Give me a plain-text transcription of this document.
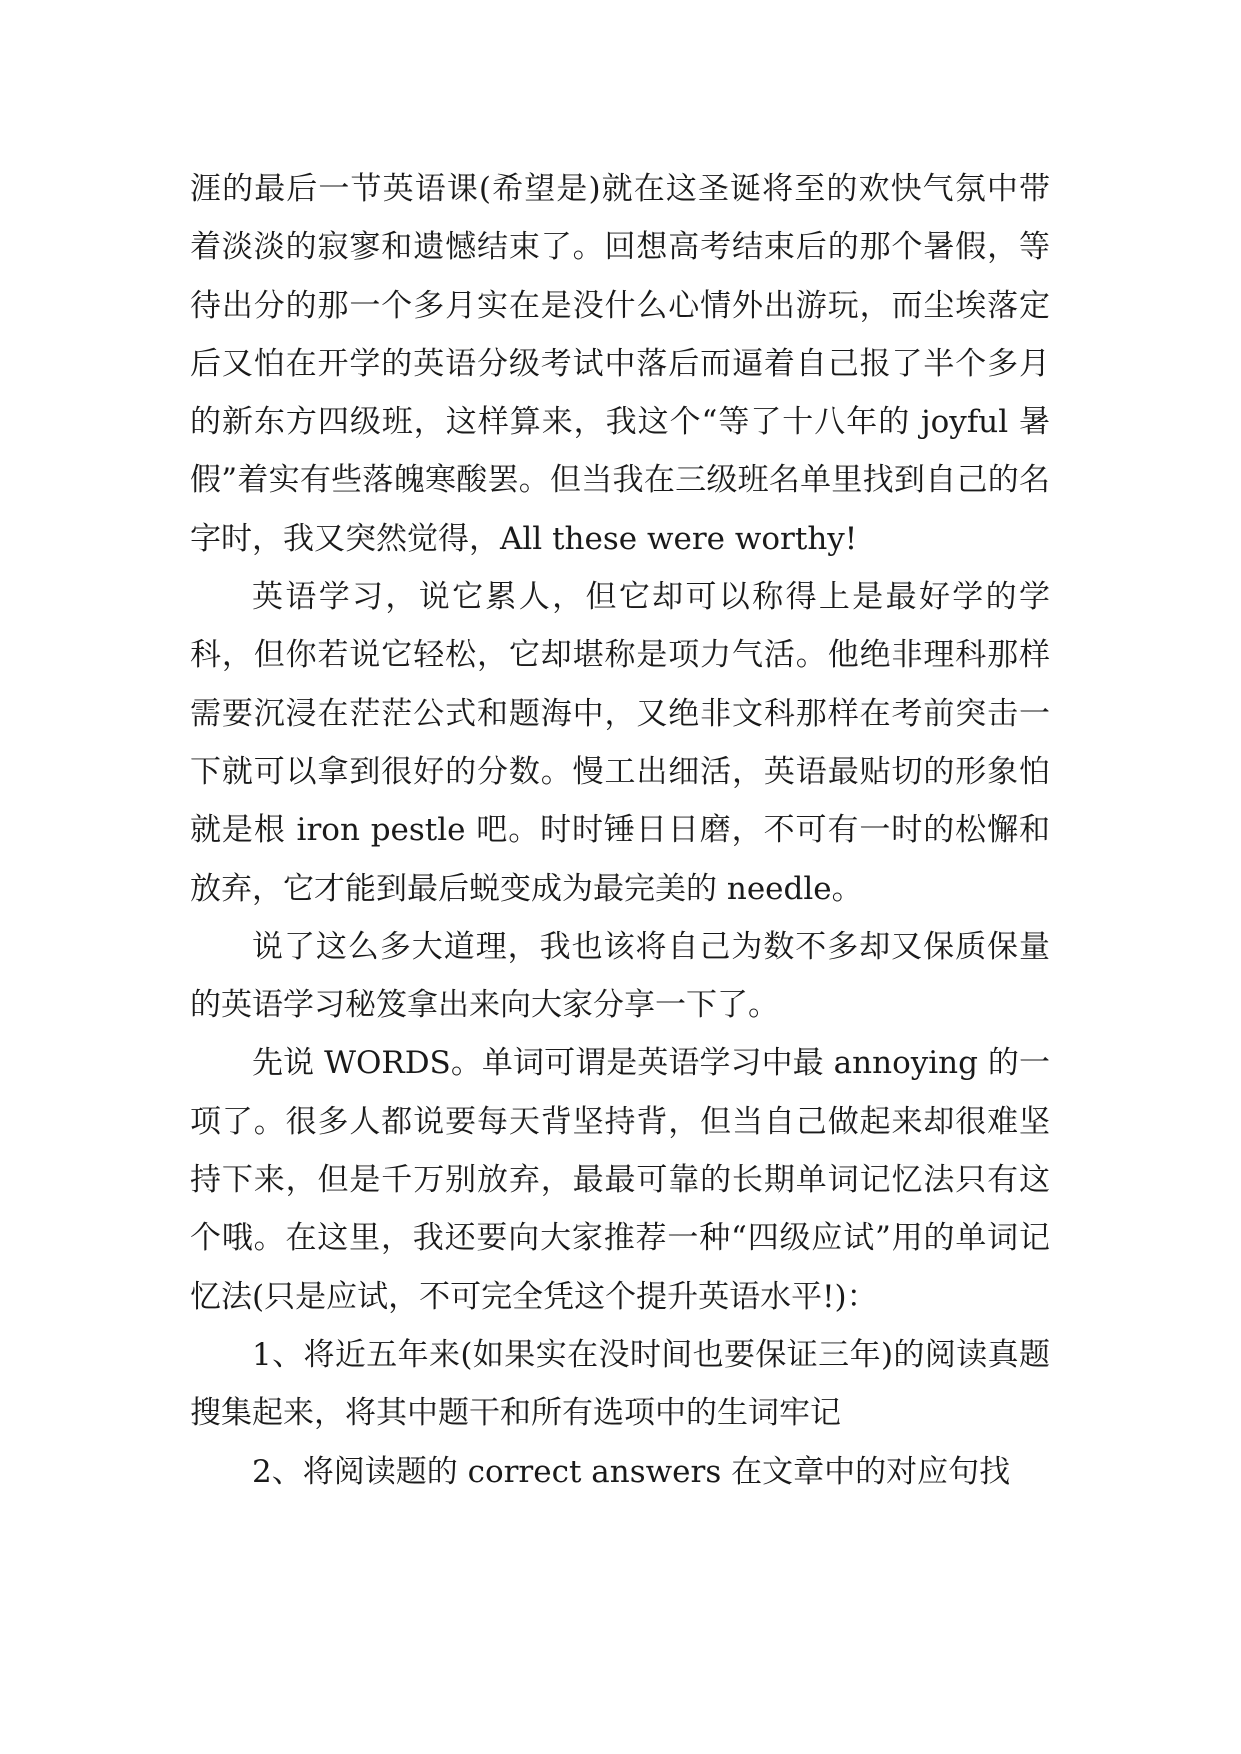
涯的最后一节英语课(希望是)就在这圣诞将至的欢快气氛中带着淡淡的寂寥和遗憾结束了。回想高考结束后的那个暑假，等待出分的那一个多月实在是没什么心情外出游玩，而尘埃落定后又怕在开学的英语分级考试中落后而逼着自己报了半个多月的新东方四级班，这样算来，我这个“等了十八年的 joyful 暑假”着实有些落魄寒酸罢。但当我在三级班名单里找到自己的名字时，我又突然觉得，All these were worthy!

英语学习，说它累人，但它却可以称得上是最好学的学科，但你若说它轻松，它却堪称是项力气活。他绝非理科那样需要沉浸在茫茫公式和题海中，又绝非文科那样在考前突击一下就可以拿到很好的分数。慢工出细活，英语最贴切的形象怕就是根 iron pestle 吧。时时锤日日磨，不可有一时的松懈和放弃，它才能到最后蜕变成为最完美的 needle。

说了这么多大道理，我也该将自己为数不多却又保质保量的英语学习秘笈拿出来向大家分享一下了。

先说 WORDS。单词可谓是英语学习中最 annoying 的一项了。很多人都说要每天背坚持背，但当自己做起来却很难坚持下来，但是千万别放弃，最最可靠的长期单词记忆法只有这个哦。在这里，我还要向大家推荐一种“四级应试”用的单词记忆法(只是应试，不可完全凭这个提升英语水平!)：

1、将近五年来(如果实在没时间也要保证三年)的阅读真题搜集起来，将其中题干和所有选项中的生词牢记

2、将阅读题的 correct answers 在文章中的对应句找
